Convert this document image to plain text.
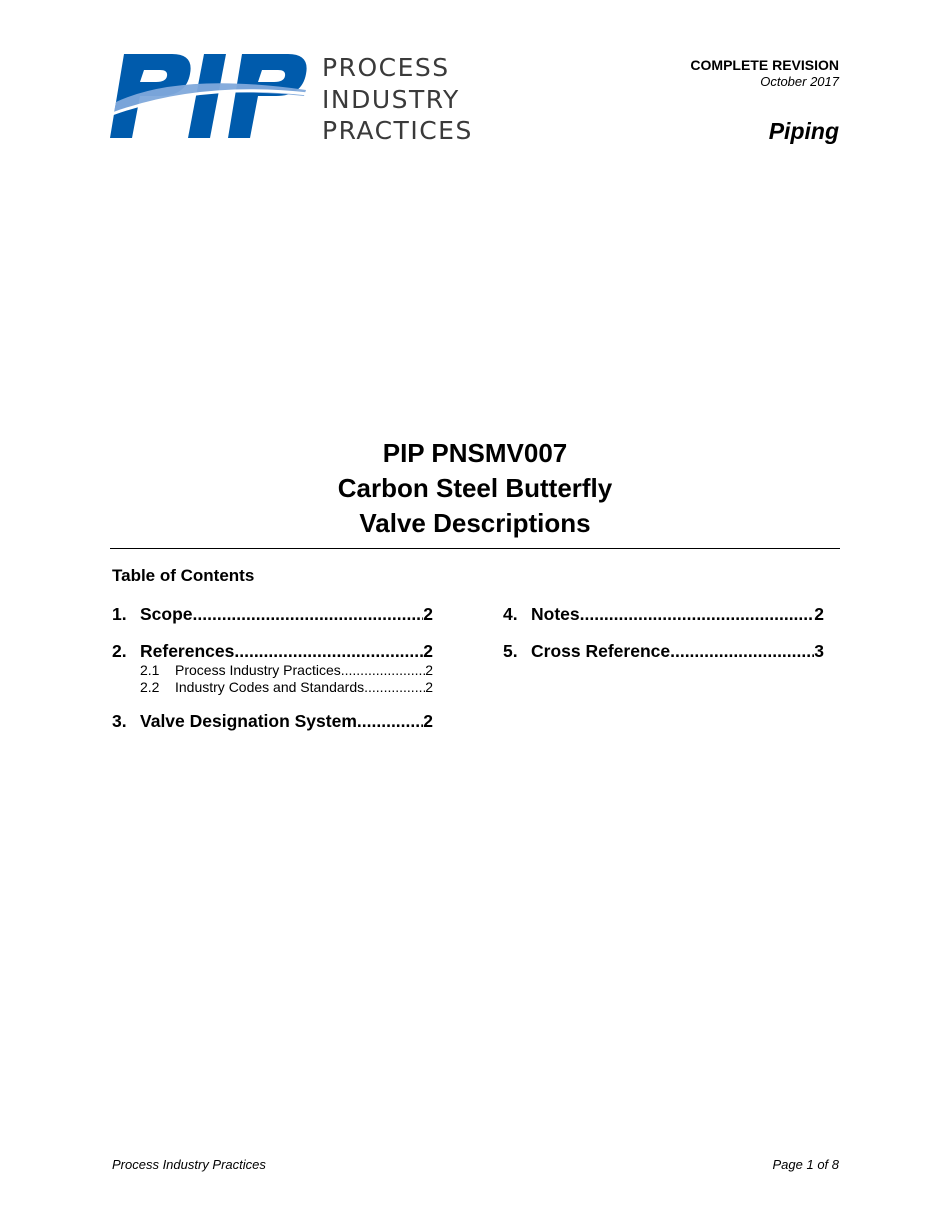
PROCESS
INDUSTRY
PRACTICES
COMPLETE REVISION
October 2017
Piping
PIP PNSMV007
Carbon Steel Butterfly
Valve Descriptions
Table of Contents
1. Scope .....	2
2. References .....	2
2.1	Process Industry Practices .....	2
2.2	Industry Codes and Standards .....	2
3. Valve Designation System .....	2
4. Notes .....	2
5. Cross Reference .....	3
Process Industry Practices	Page 1 of 8
